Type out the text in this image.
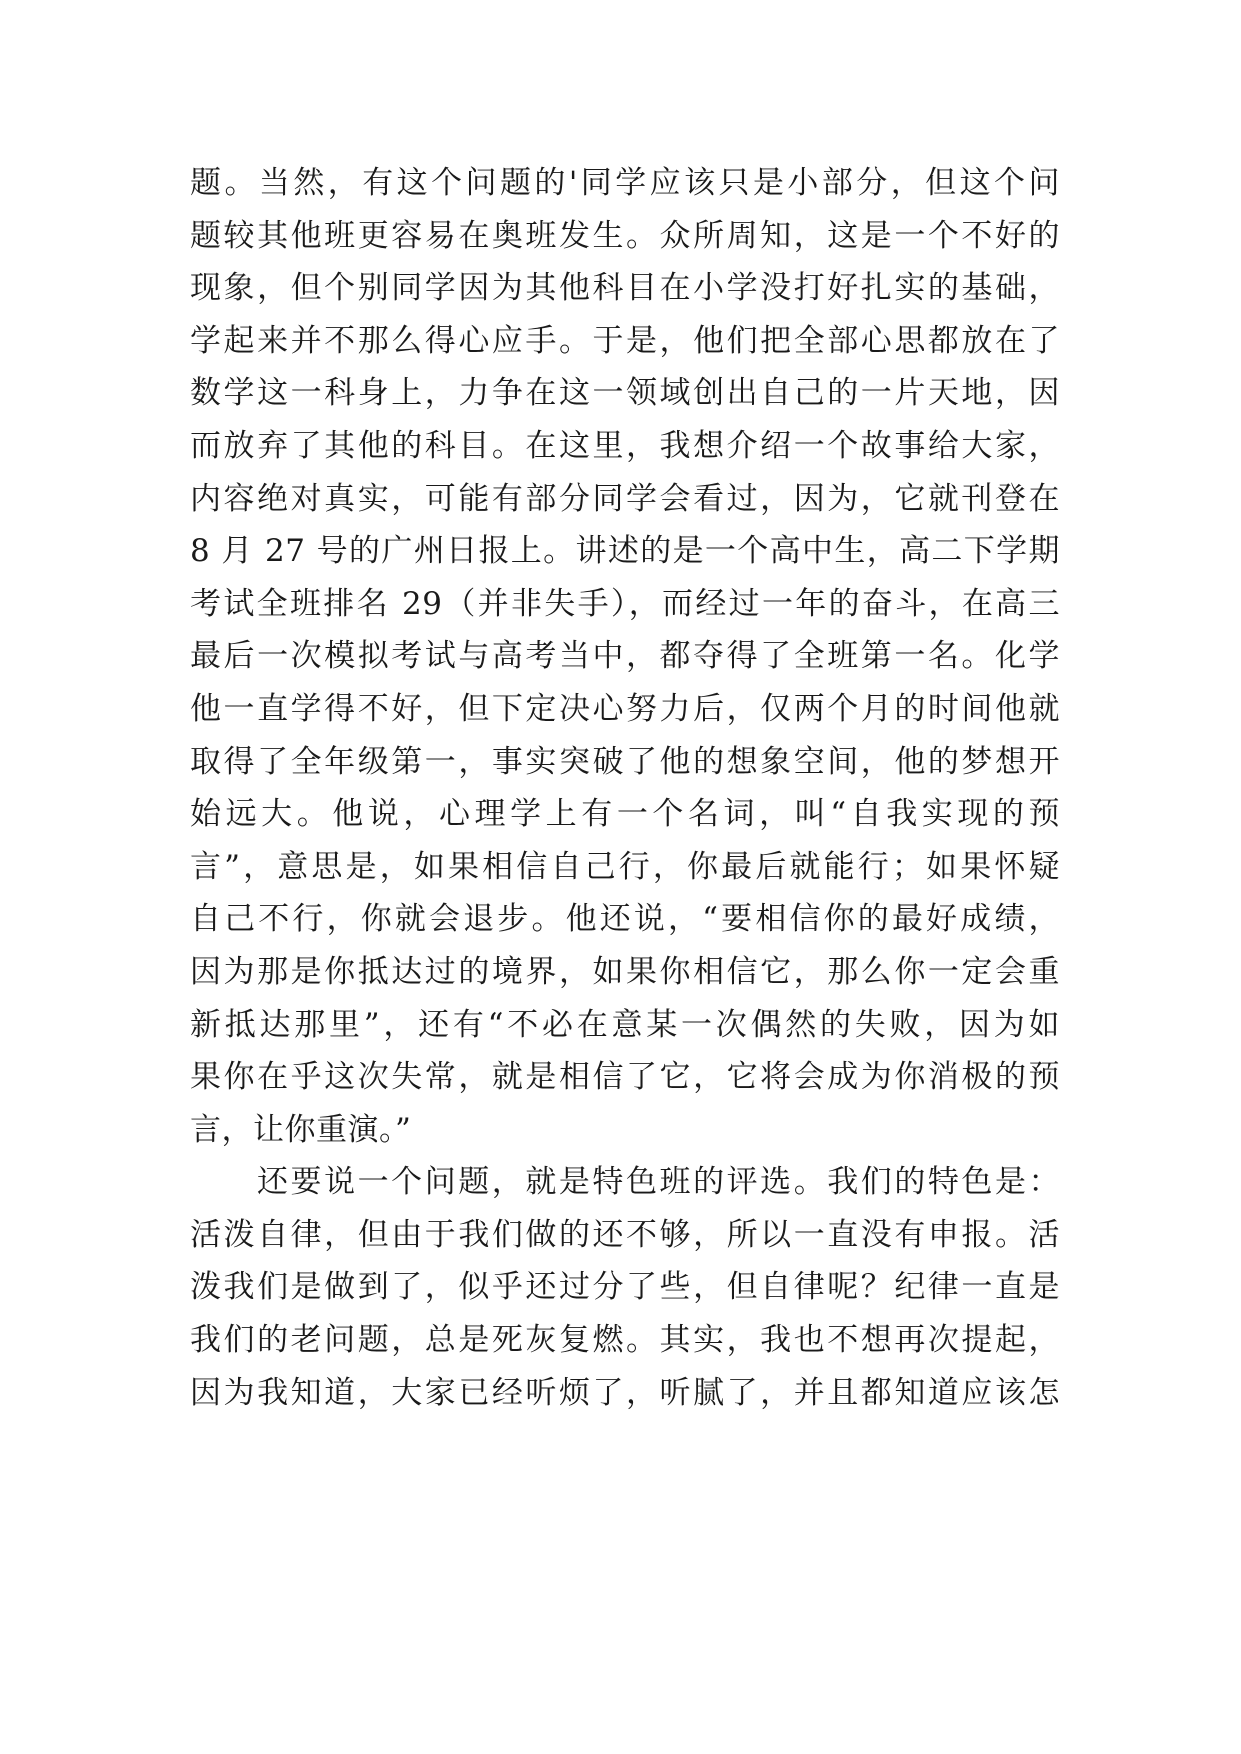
题。当然，有这个问题的'同学应该只是小部分，但这个问
题较其他班更容易在奥班发生。众所周知，这是一个不好的
现象，但个别同学因为其他科目在小学没打好扎实的基础，
学起来并不那么得心应手。于是，他们把全部心思都放在了
数学这一科身上，力争在这一领域创出自己的一片天地，因
而放弃了其他的科目。在这里，我想介绍一个故事给大家，
内容绝对真实，可能有部分同学会看过，因为，它就刊登在
8 月 27 号的广州日报上。讲述的是一个高中生，高二下学期
考试全班排名 29（并非失手），而经过一年的奋斗，在高三
最后一次模拟考试与高考当中，都夺得了全班第一名。化学
他一直学得不好，但下定决心努力后，仅两个月的时间他就
取得了全年级第一，事实突破了他的想象空间，他的梦想开
始远大。他说，心理学上有一个名词，叫“自我实现的预
言”，意思是，如果相信自己行，你最后就能行；如果怀疑
自己不行，你就会退步。他还说，“要相信你的最好成绩，
因为那是你抵达过的境界，如果你相信它，那么你一定会重
新抵达那里”，还有“不必在意某一次偶然的失败，因为如
果你在乎这次失常，就是相信了它，它将会成为你消极的预
言，让你重演。”
还要说一个问题，就是特色班的评选。我们的特色是：
活泼自律，但由于我们做的还不够，所以一直没有申报。活
泼我们是做到了，似乎还过分了些，但自律呢？纪律一直是
我们的老问题，总是死灰复燃。其实，我也不想再次提起，
因为我知道，大家已经听烦了，听腻了，并且都知道应该怎
